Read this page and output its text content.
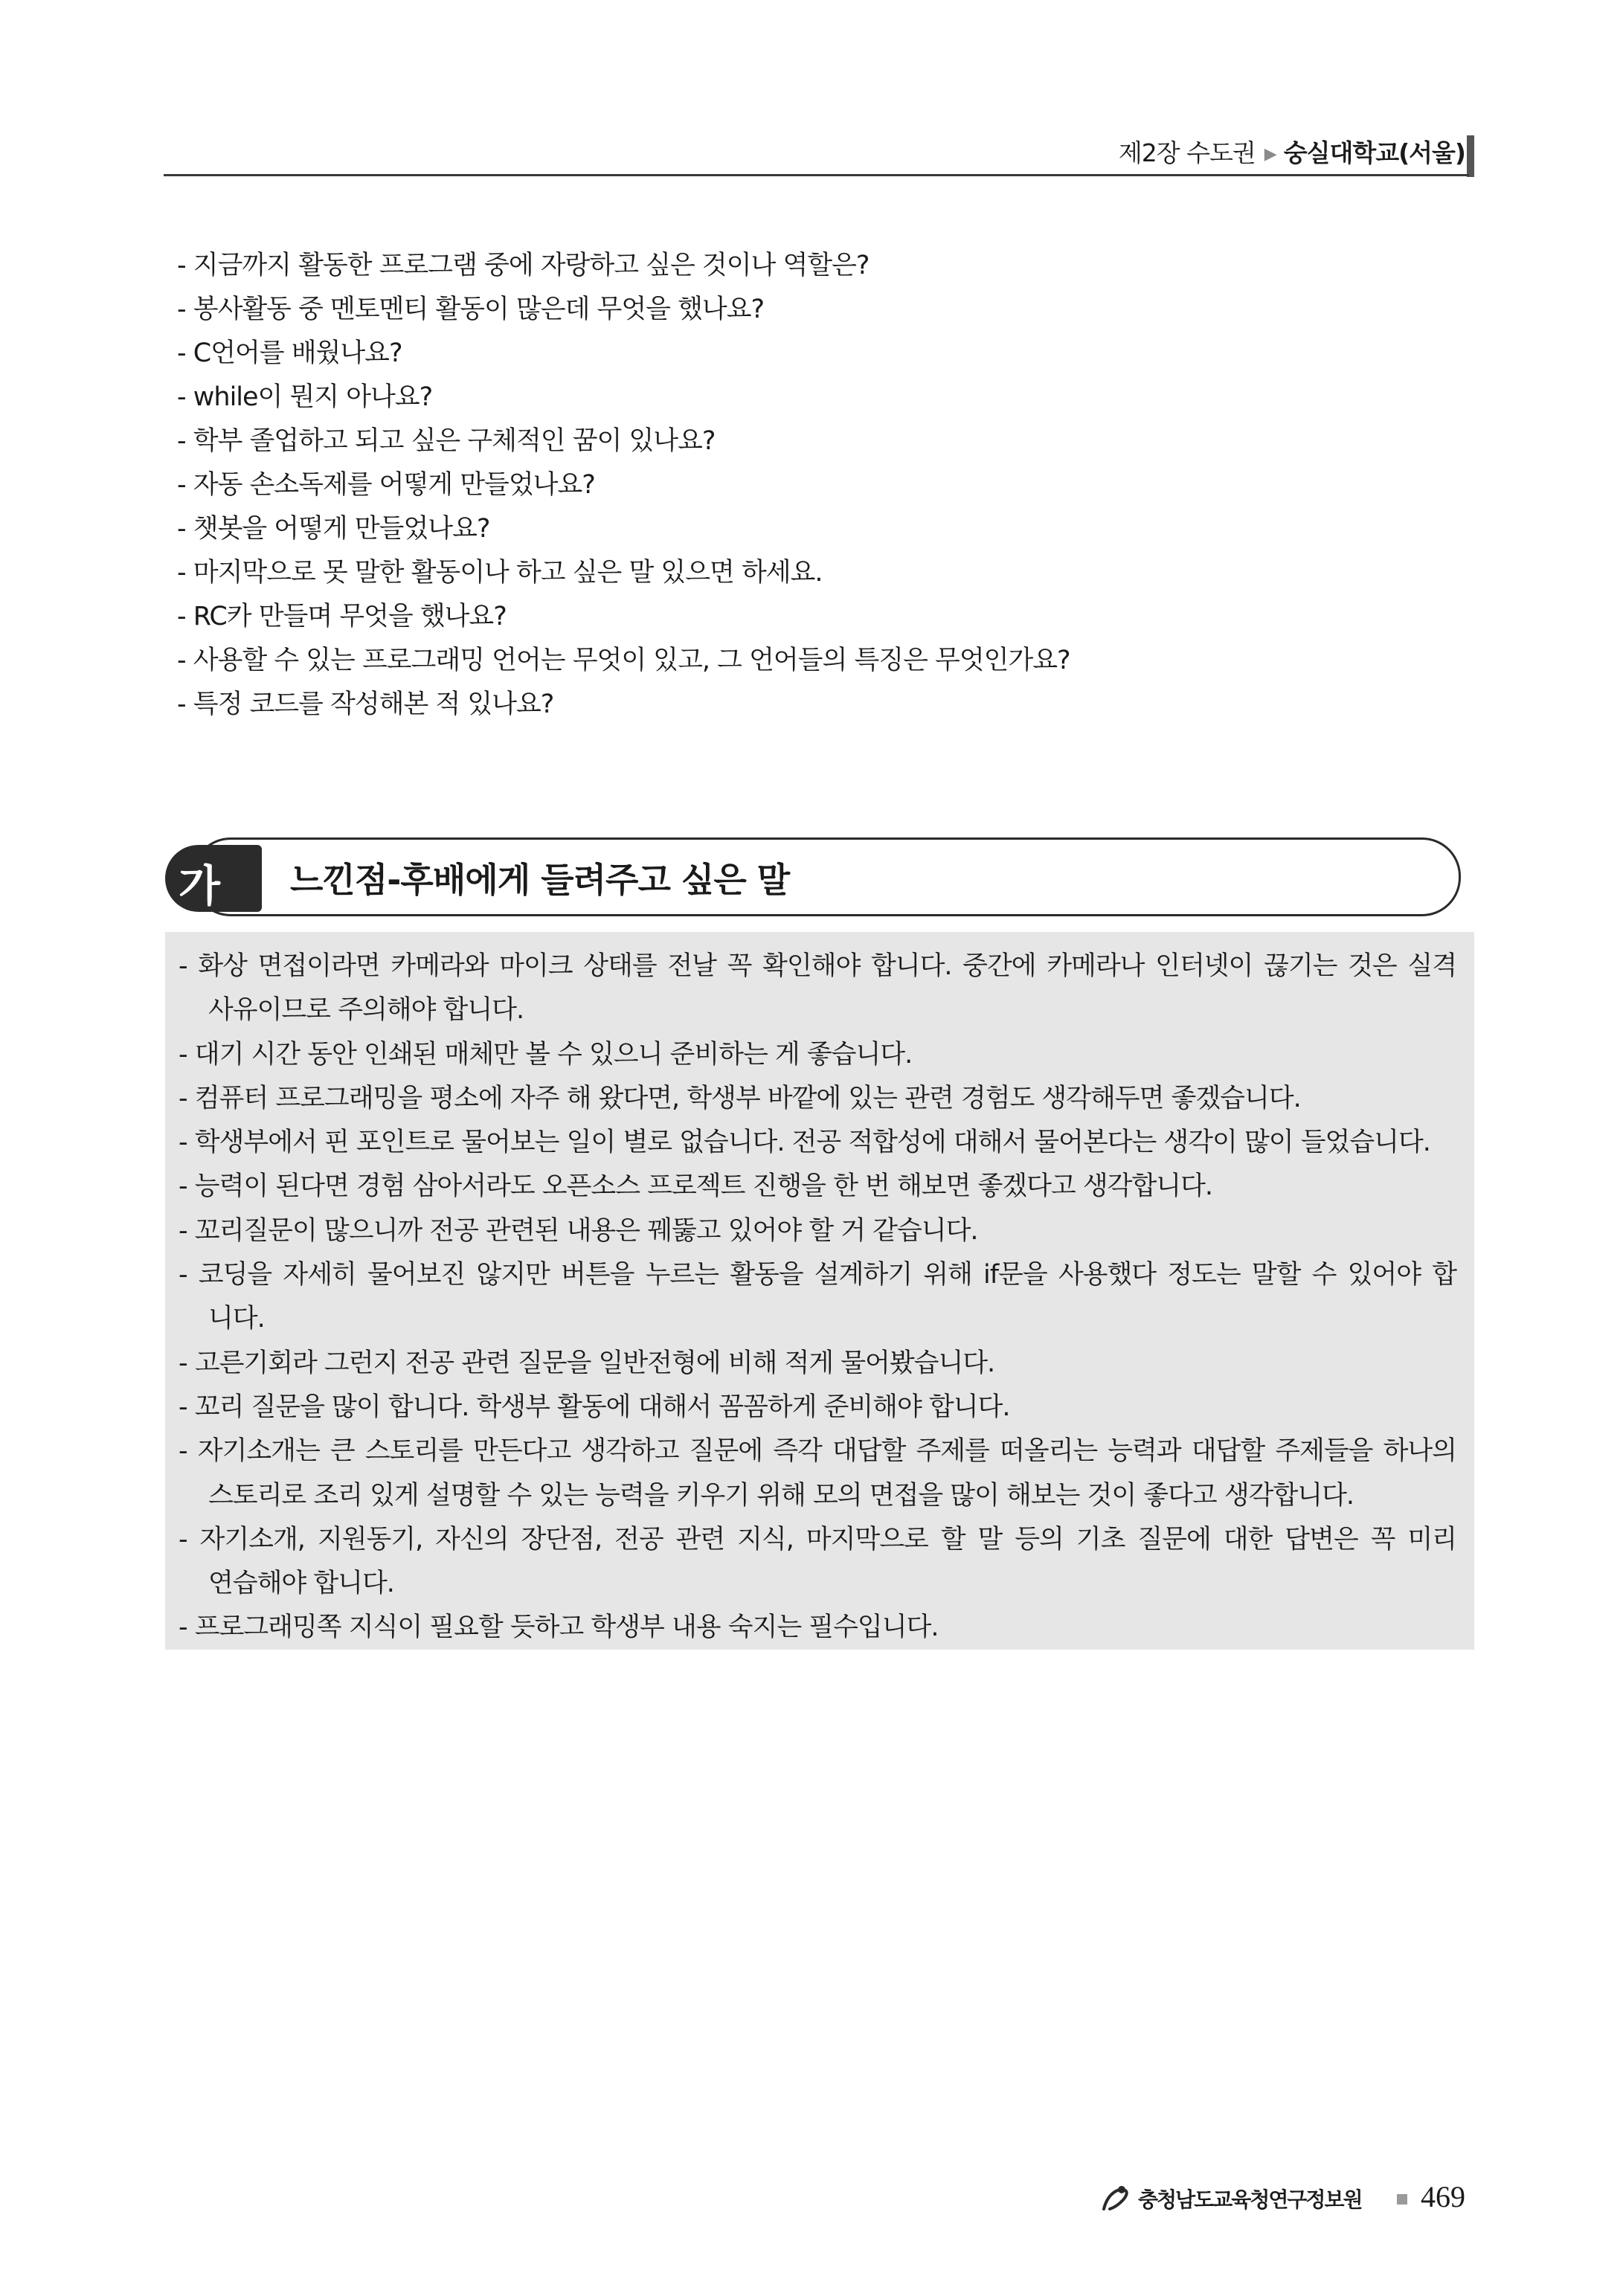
제2장 수도권 ▶ 숭실대학교(서울)
- 지금까지 활동한 프로그램 중에 자랑하고 싶은 것이나 역할은?
- 봉사활동 중 멘토멘티 활동이 많은데 무엇을 했나요?
- C언어를 배웠나요?
- while이 뭔지 아나요?
- 학부 졸업하고 되고 싶은 구체적인 꿈이 있나요?
- 자동 손소독제를 어떻게 만들었나요?
- 챗봇을 어떻게 만들었나요?
- 마지막으로 못 말한 활동이나 하고 싶은 말 있으면 하세요.
- RC카 만들며 무엇을 했나요?
- 사용할 수 있는 프로그래밍 언어는 무엇이 있고, 그 언어들의 특징은 무엇인가요?
- 특정 코드를 작성해본 적 있나요?
가 느낀점-후배에게 들려주고 싶은 말
- 화상 면접이라면 카메라와 마이크 상태를 전날 꼭 확인해야 합니다. 중간에 카메라나 인터넷이 끊기는 것은 실격
사유이므로 주의해야 합니다.
- 대기 시간 동안 인쇄된 매체만 볼 수 있으니 준비하는 게 좋습니다.
- 컴퓨터 프로그래밍을 평소에 자주 해 왔다면, 학생부 바깥에 있는 관련 경험도 생각해두면 좋겠습니다.
- 학생부에서 핀 포인트로 물어보는 일이 별로 없습니다. 전공 적합성에 대해서 물어본다는 생각이 많이 들었습니다.
- 능력이 된다면 경험 삼아서라도 오픈소스 프로젝트 진행을 한 번 해보면 좋겠다고 생각합니다.
- 꼬리질문이 많으니까 전공 관련된 내용은 꿰뚫고 있어야 할 거 같습니다.
- 코딩을 자세히 물어보진 않지만 버튼을 누르는 활동을 설계하기 위해 if문을 사용했다 정도는 말할 수 있어야 합
니다.
- 고른기회라 그런지 전공 관련 질문을 일반전형에 비해 적게 물어봤습니다.
- 꼬리 질문을 많이 합니다. 학생부 활동에 대해서 꼼꼼하게 준비해야 합니다.
- 자기소개는 큰 스토리를 만든다고 생각하고 질문에 즉각 대답할 주제를 떠올리는 능력과 대답할 주제들을 하나의
스토리로 조리 있게 설명할 수 있는 능력을 키우기 위해 모의 면접을 많이 해보는 것이 좋다고 생각합니다.
- 자기소개, 지원동기, 자신의 장단점, 전공 관련 지식, 마지막으로 할 말 등의 기초 질문에 대한 답변은 꼭 미리
연습해야 합니다.
- 프로그래밍쪽 지식이 필요할 듯하고 학생부 내용 숙지는 필수입니다.
충청남도교육청연구정보원 469
